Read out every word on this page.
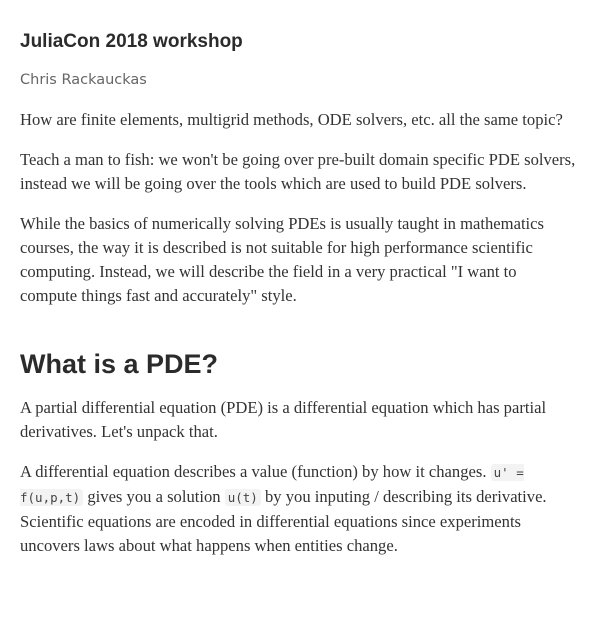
JuliaCon 2018 workshop
Chris Rackauckas

How are finite elements, multigrid methods, ODE solvers, etc. all the same topic?

Teach a man to fish: we won't be going over pre-built domain specific PDE solvers, instead we will be going over the tools which are used to build PDE solvers.

While the basics of numerically solving PDEs is usually taught in mathematics courses, the way it is described is not suitable for high performance scientific computing. Instead, we will describe the field in a very practical "I want to compute things fast and accurately" style.

What is a PDE?

A partial differential equation (PDE) is a differential equation which has partial derivatives. Let's unpack that.

A differential equation describes a value (function) by how it changes. u' = f(u,p,t) gives you a solution u(t) by you inputing / describing its derivative. Scientific equations are encoded in differential equations since experiments uncovers laws about what happens when entities change.
